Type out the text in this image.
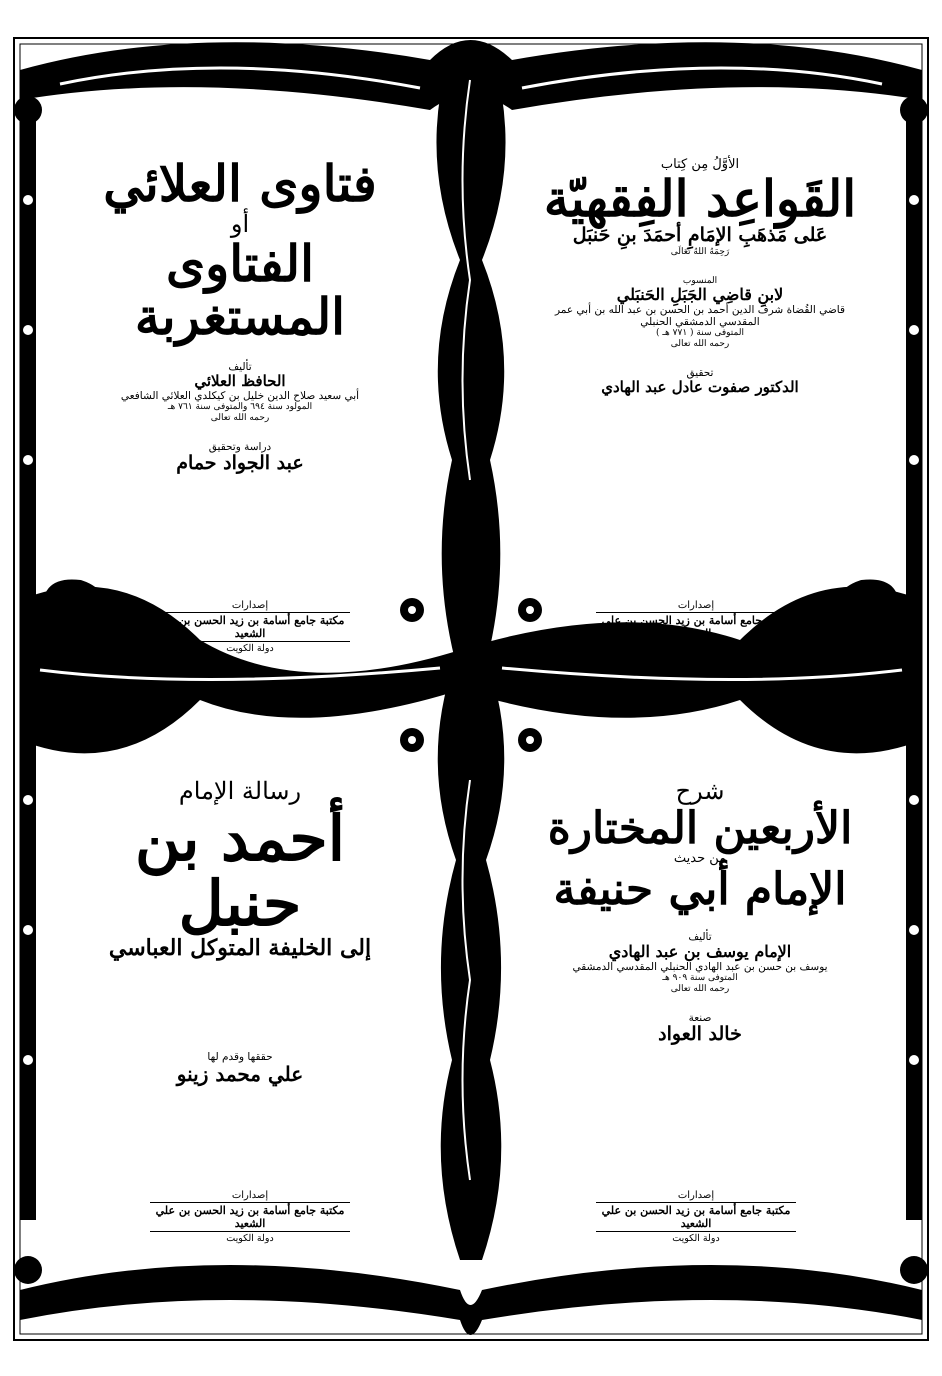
الأوَّلُ مِن كِتاب
القَواعِد الفِقهيّة
عَلى مَذهَبِ الإمَامِ أحمَدَ بنِ حَنبَل
رَحِمَهُ اللهُ تَعَالَى
المنسوب
لابنِ قاضِي الجَبَلِ الحَنبَلي
قاضي القُضاة شرف الدين أحمد بن الحسن بن عبد الله بن أبي عمر
المقدسي الدمشقي الحنبلي
المتوفى سنة ( ٧٧١ هـ )
رحمه الله تعالى
تحقيق
الدكتور صفوت عادل عبد الهادي
فتاوى العلائي
أو
الفتاوى المستغربة
تأليف
الحافظ العلائي
أبي سعيد صلاح الدين خليل بن كيكلدي العلائي الشافعي
المولود سنة ٦٩٤ والمتوفى سنة ٧٦١ هـ
رحمه الله تعالى
دراسة وتحقيق
عبد الجواد حمام
شرح
الأربعين المختارة
من حديث
الإمام أبي حنيفة
تأليف
الإمام يوسف بن عبد الهادي
يوسف بن حسن بن عبد الهادي الحنبلي المقدسي الدمشقي
المتوفى سنة ٩٠٩ هـ
رحمه الله تعالى
صنعة
خالد العواد
رسالة الإمام
أحمد بن حنبل
إلى الخليفة المتوكل العباسي
حققها وقدم لها
علي محمد زينو
إصدارات
مكتبة جامع أسامة بن زيد الحسن بن علي الشعيد
دولة الكويت
إصدارات
مكتبة جامع أسامة بن زيد الحسن بن علي الشعيد
دولة الكويت
إصدارات
مكتبة جامع أسامة بن زيد الحسن بن علي الشعيد
دولة الكويت
إصدارات
مكتبة جامع أسامة بن زيد الحسن بن علي الشعيد
دولة الكويت
